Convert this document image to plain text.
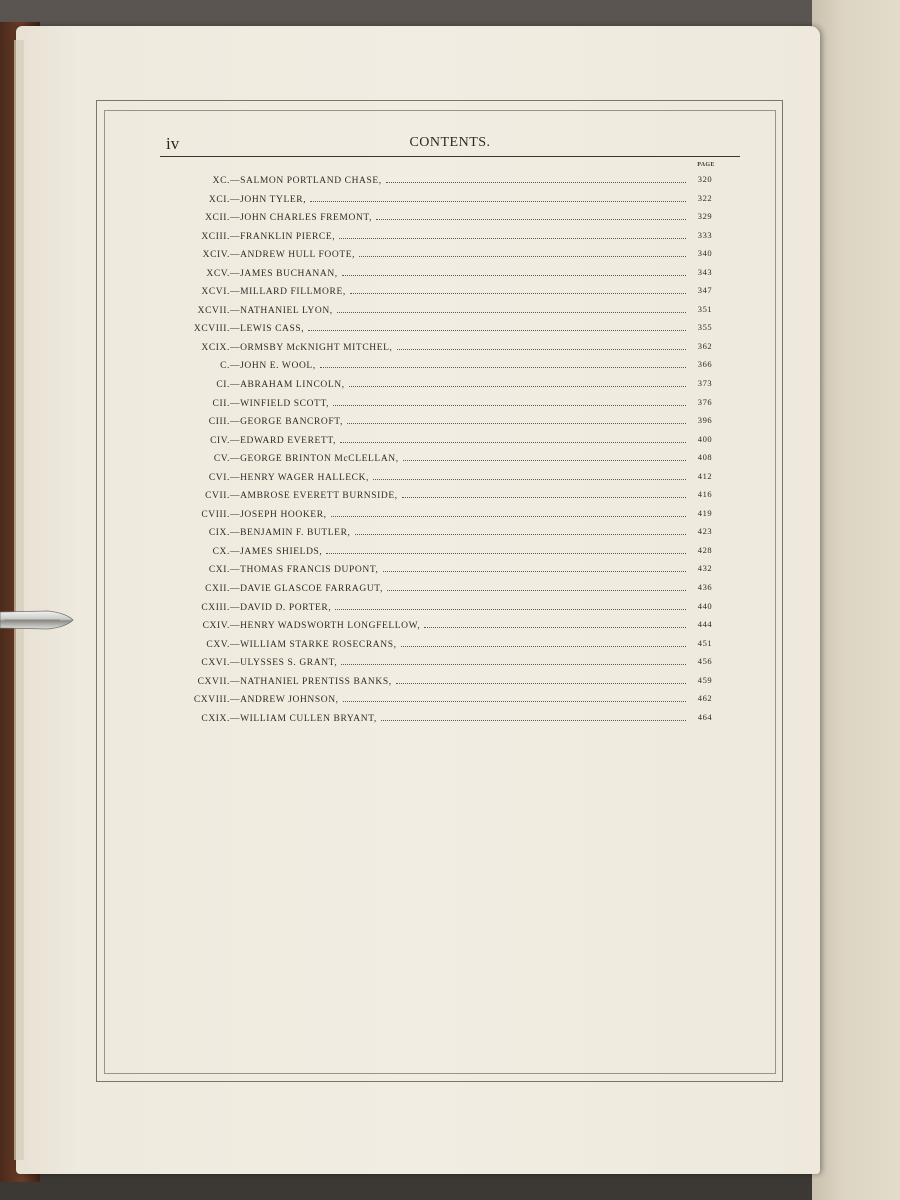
iv	CONTENTS.
PAGE
XC. —SALMON PORTLAND CHASE,	320
XCI. —JOHN TYLER,	322
XCII. —JOHN CHARLES FREMONT,	329
XCIII. —FRANKLIN PIERCE,	333
XCIV. —ANDREW HULL FOOTE,	340
XCV. —JAMES BUCHANAN,	343
XCVI. —MILLARD FILLMORE,	347
XCVII. —NATHANIEL LYON,	351
XCVIII. —LEWIS CASS,	355
XCIX. —ORMSBY McKNIGHT MITCHEL,	362
C. —JOHN E. WOOL,	366
CI. —ABRAHAM LINCOLN,	373
CII. —WINFIELD SCOTT,	376
CIII. —GEORGE BANCROFT,	396
CIV. —EDWARD EVERETT,	400
CV. —GEORGE BRINTON McCLELLAN,	408
CVI. —HENRY WAGER HALLECK,	412
CVII. —AMBROSE EVERETT BURNSIDE,	416
CVIII. —JOSEPH HOOKER,	419
CIX. —BENJAMIN F. BUTLER,	423
CX. —JAMES SHIELDS,	428
CXI. —THOMAS FRANCIS DUPONT,	432
CXII. —DAVIE GLASCOE FARRAGUT,	436
CXIII. —DAVID D. PORTER,	440
CXIV. —HENRY WADSWORTH LONGFELLOW,	444
CXV. —WILLIAM STARKE ROSECRANS,	451
CXVI. —ULYSSES S. GRANT,	456
CXVII. —NATHANIEL PRENTISS BANKS,	459
CXVIII. —ANDREW JOHNSON,	462
CXIX. —WILLIAM CULLEN BRYANT,	464
